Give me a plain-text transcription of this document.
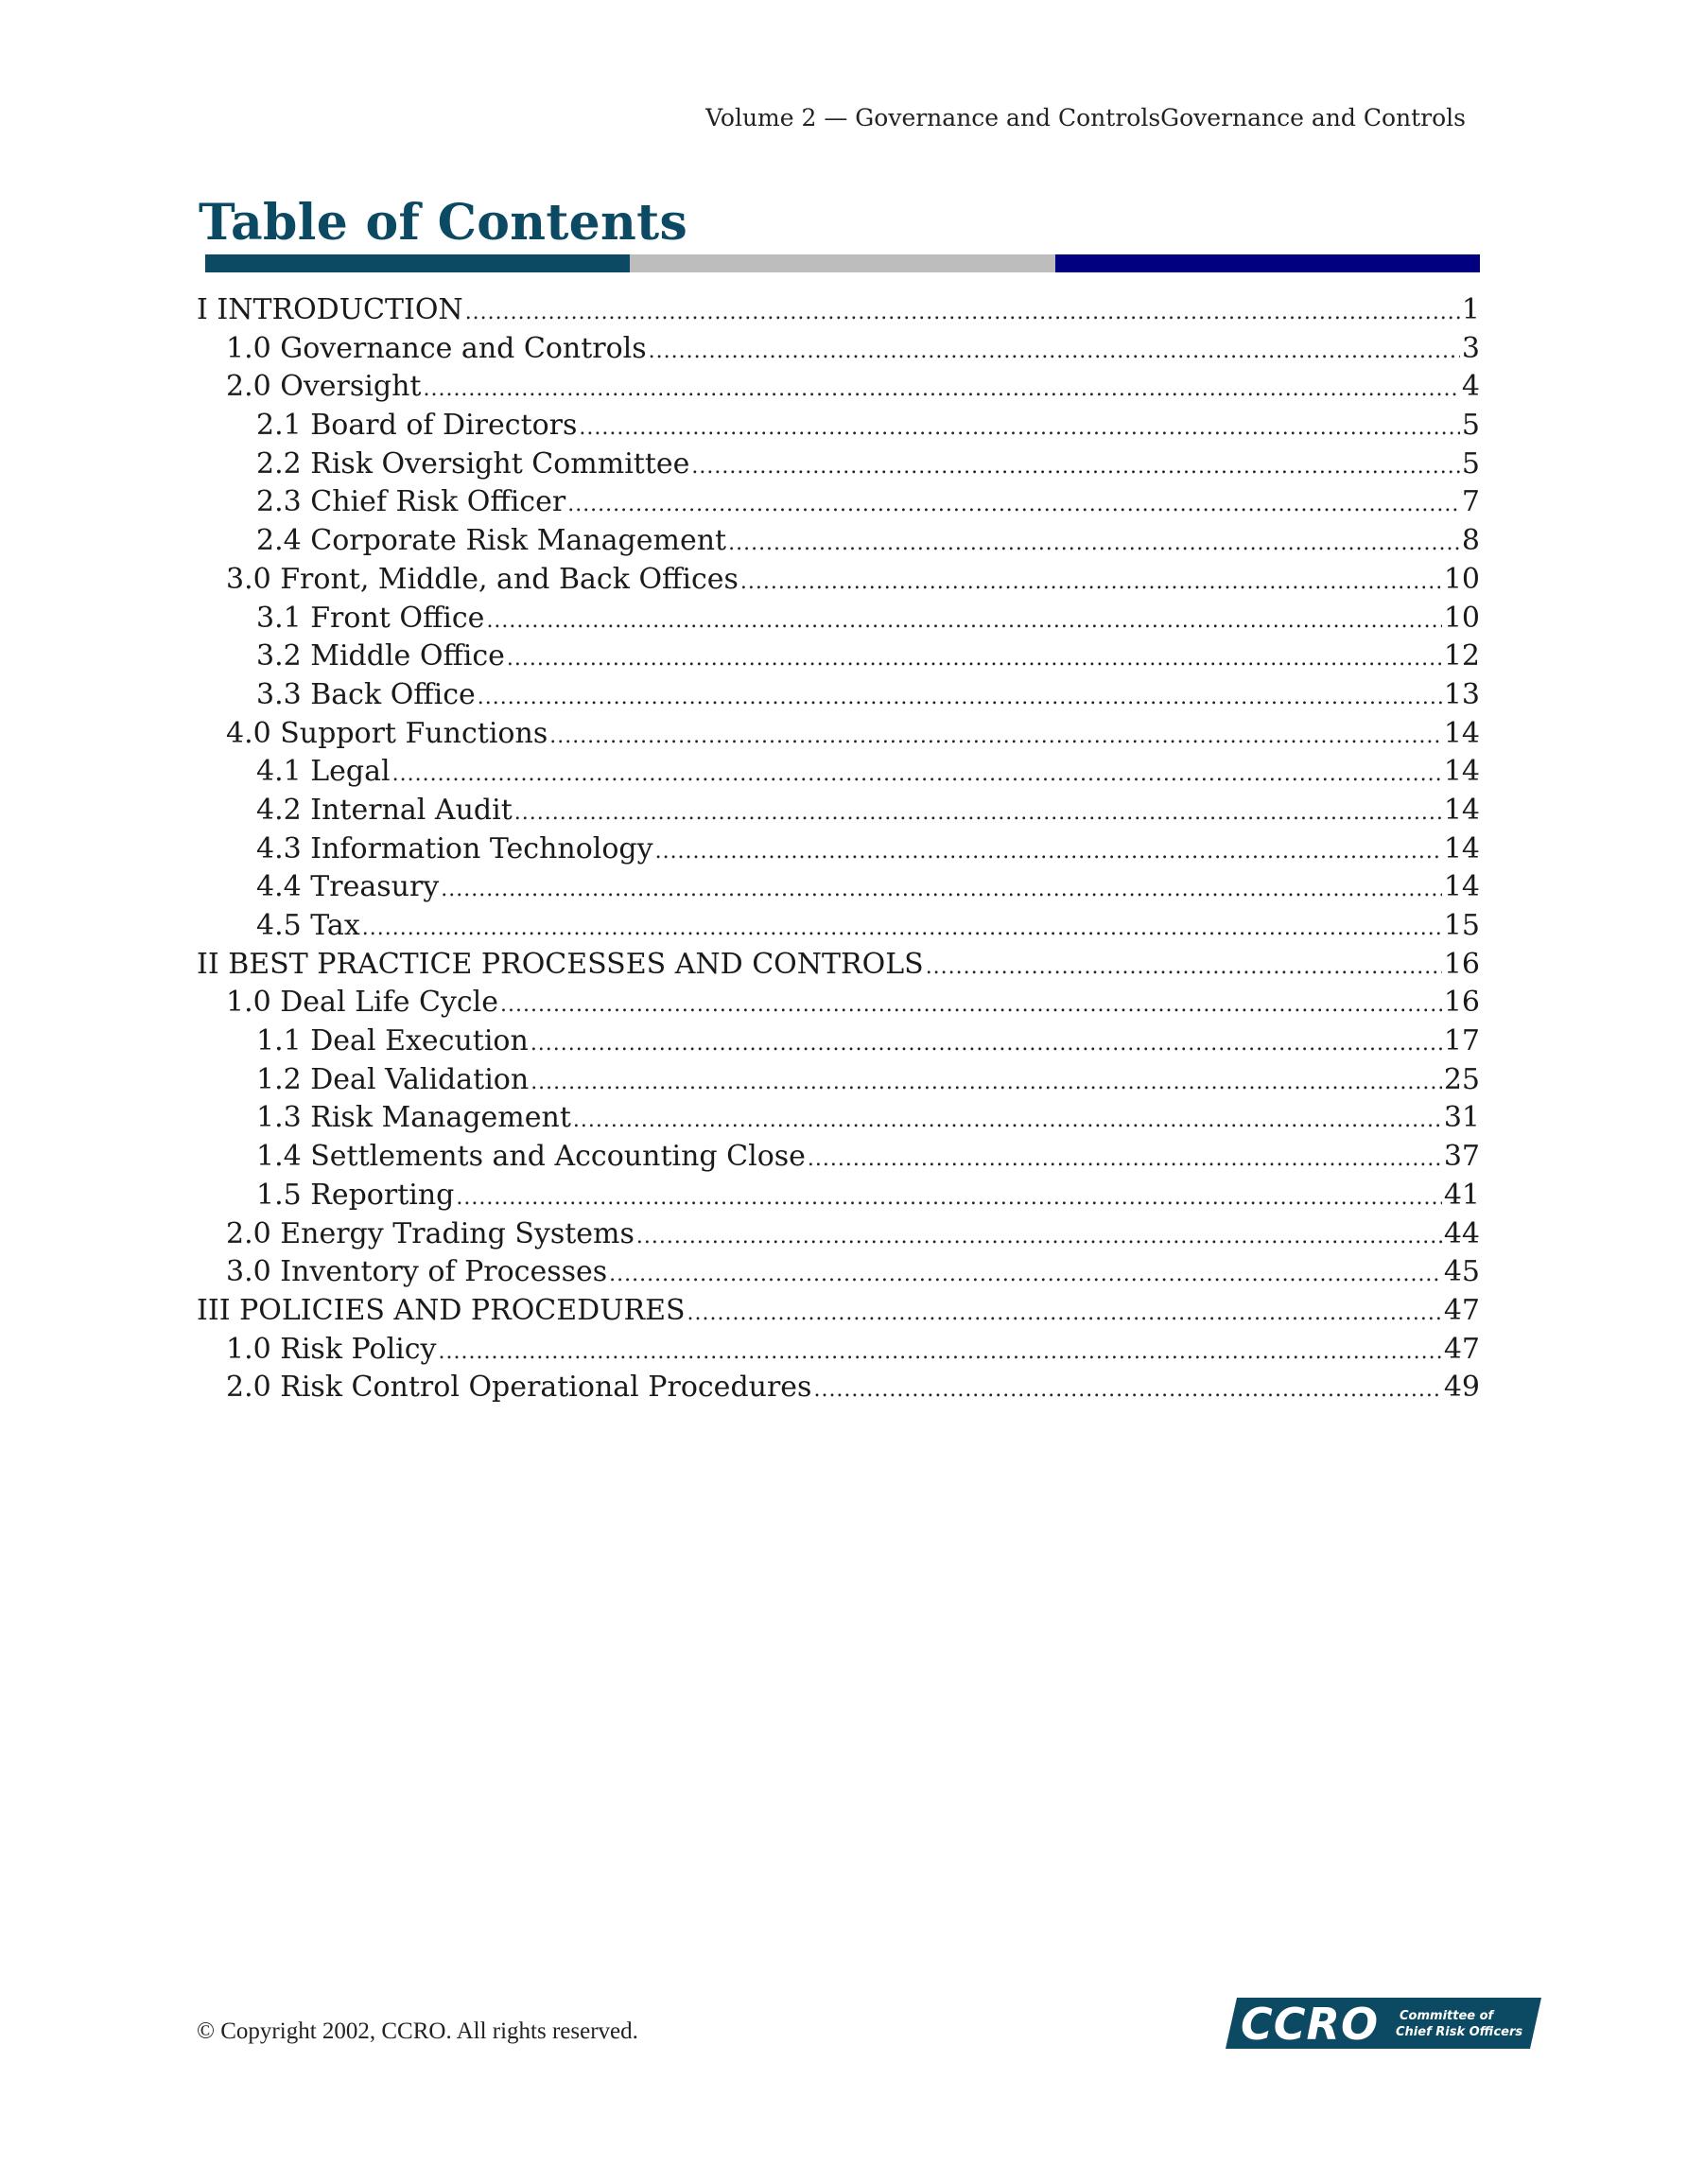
Volume 2 — Governance and ControlsGovernance and Controls
Table of Contents
I INTRODUCTION .....	1
1.0 Governance and Controls .....	3
2.0 Oversight .....	4
2.1 Board of Directors .....	5
2.2 Risk Oversight Committee .....	5
2.3 Chief Risk Officer .....	7
2.4 Corporate Risk Management .....	8
3.0 Front, Middle, and Back Offices .....	10
3.1 Front Office .....	10
3.2 Middle Office .....	12
3.3 Back Office .....	13
4.0 Support Functions .....	14
4.1 Legal .....	14
4.2 Internal Audit .....	14
4.3 Information Technology .....	14
4.4 Treasury .....	14
4.5 Tax .....	15
II BEST PRACTICE PROCESSES AND CONTROLS .....	16
1.0 Deal Life Cycle .....	16
1.1 Deal Execution .....	17
1.2 Deal Validation .....	25
1.3 Risk Management .....	31
1.4 Settlements and Accounting Close .....	37
1.5 Reporting .....	41
2.0 Energy Trading Systems .....	44
3.0 Inventory of Processes .....	45
III POLICIES AND PROCEDURES .....	47
1.0 Risk Policy .....	47
2.0 Risk Control Operational Procedures .....	49
© Copyright 2002, CCRO. All rights reserved.	CCRO Committee of
Chief Risk Officers
